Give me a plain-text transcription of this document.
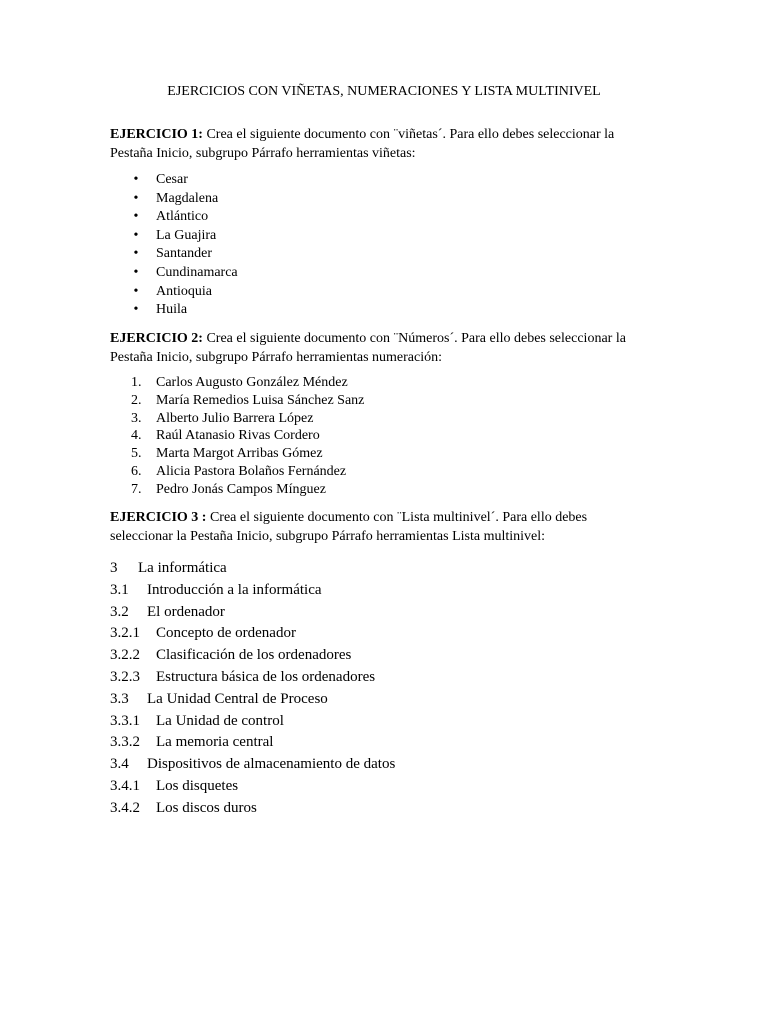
EJERCICIOS CON VIÑETAS, NUMERACIONES Y LISTA MULTINIVEL
EJERCICIO 1: Crea el siguiente documento con ¨viñetas´. Para ello debes seleccionar la Pestaña Inicio, subgrupo Párrafo herramientas viñetas:
• Cesar
• Magdalena
• Atlántico
• La Guajira
• Santander
• Cundinamarca
• Antioquia
• Huila
EJERCICIO 2: Crea el siguiente documento con ¨Números´. Para ello debes seleccionar la Pestaña Inicio, subgrupo Párrafo herramientas numeración:
1. Carlos Augusto González Méndez
2. María Remedios Luisa Sánchez Sanz
3. Alberto Julio Barrera López
4. Raúl Atanasio Rivas Cordero
5. Marta Margot Arribas Gómez
6. Alicia Pastora Bolaños Fernández
7. Pedro Jonás Campos Mínguez
EJERCICIO 3 : Crea el siguiente documento con ¨Lista multinivel´. Para ello debes seleccionar la Pestaña Inicio, subgrupo Párrafo herramientas Lista multinivel:
3 La informática
3.1 Introducción a la informática
3.2 El ordenador
3.2.1 Concepto de ordenador
3.2.2 Clasificación de los ordenadores
3.2.3 Estructura básica de los ordenadores
3.3 La Unidad Central de Proceso
3.3.1 La Unidad de control
3.3.2 La memoria central
3.4 Dispositivos de almacenamiento de datos
3.4.1 Los disquetes
3.4.2 Los discos duros
